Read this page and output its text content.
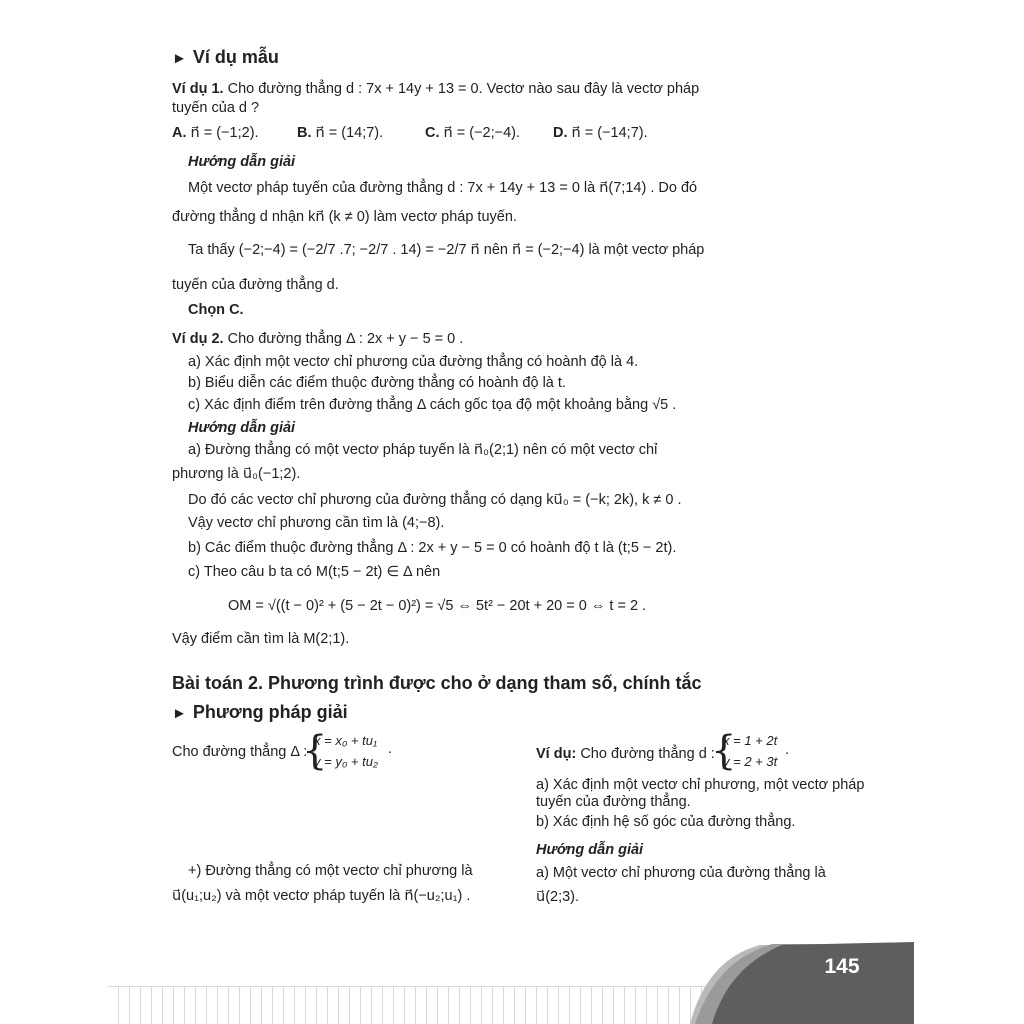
► Ví dụ mẫu
Ví dụ 1. Cho đường thẳng d : 7x + 14y + 13 = 0. Vectơ nào sau đây là vectơ pháp
tuyến của d ?
A. n⃗ = (−1;2).	B. n⃗ = (14;7).	C. n⃗ = (−2;−4). D. n⃗ = (−14;7).
Hướng dẫn giải
Một vectơ pháp tuyến của đường thẳng d : 7x + 14y + 13 = 0 là n⃗(7;14) . Do đó
đường thẳng d nhận kn⃗ (k ≠ 0) làm vectơ pháp tuyến.
Ta thấy (−2;−4) = (−2/7 .7; −2/7 . 14) = −2/7 n⃗ nên n⃗ = (−2;−4) là một vectơ pháp
tuyến của đường thẳng d.
Chọn C.
Ví dụ 2. Cho đường thẳng Δ : 2x + y − 5 = 0 .
a) Xác định một vectơ chỉ phương của đường thẳng có hoành độ là 4.
b) Biểu diễn các điểm thuộc đường thẳng có hoành độ là t.
c) Xác định điểm trên đường thẳng Δ cách gốc tọa độ một khoảng bằng √5 .
Hướng dẫn giải
a) Đường thẳng có một vectơ pháp tuyến là n⃗₀(2;1) nên có một vectơ chỉ
phương là u⃗₀(−1;2).
Do đó các vectơ chỉ phương của đường thẳng có dạng ku⃗₀ = (−k; 2k), k ≠ 0 .
Vậy vectơ chỉ phương cần tìm là (4;−8).
b) Các điểm thuộc đường thẳng Δ : 2x + y − 5 = 0 có hoành độ t là (t;5 − 2t).
c) Theo câu b ta có M(t;5 − 2t) ∈ Δ nên
OM = √((t − 0)² + (5 − 2t − 0)²) = √5 ⇔ 5t² − 20t + 20 = 0 ⇔ t = 2 .
Vậy điểm cần tìm là M(2;1).
Bài toán 2. Phương trình được cho ở dạng tham số, chính tắc
► Phương pháp giải
Cho đường thẳng Δ :
{
x = x₀ + tu₁
y = y₀ + tu₂
.
+) Đường thẳng có một vectơ chỉ phương là
u⃗(u₁;u₂) và một vectơ pháp tuyến là n⃗(−u₂;u₁) .
Ví dụ: Cho đường thẳng d :
{
x = 1 + 2t
y = 2 + 3t
.
a) Xác định một vectơ chỉ phương, một vectơ pháp
tuyến của đường thẳng.
b) Xác định hệ số góc của đường thẳng.
Hướng dẫn giải
a) Một vectơ chỉ phương của đường thẳng là
u⃗(2;3).
145
